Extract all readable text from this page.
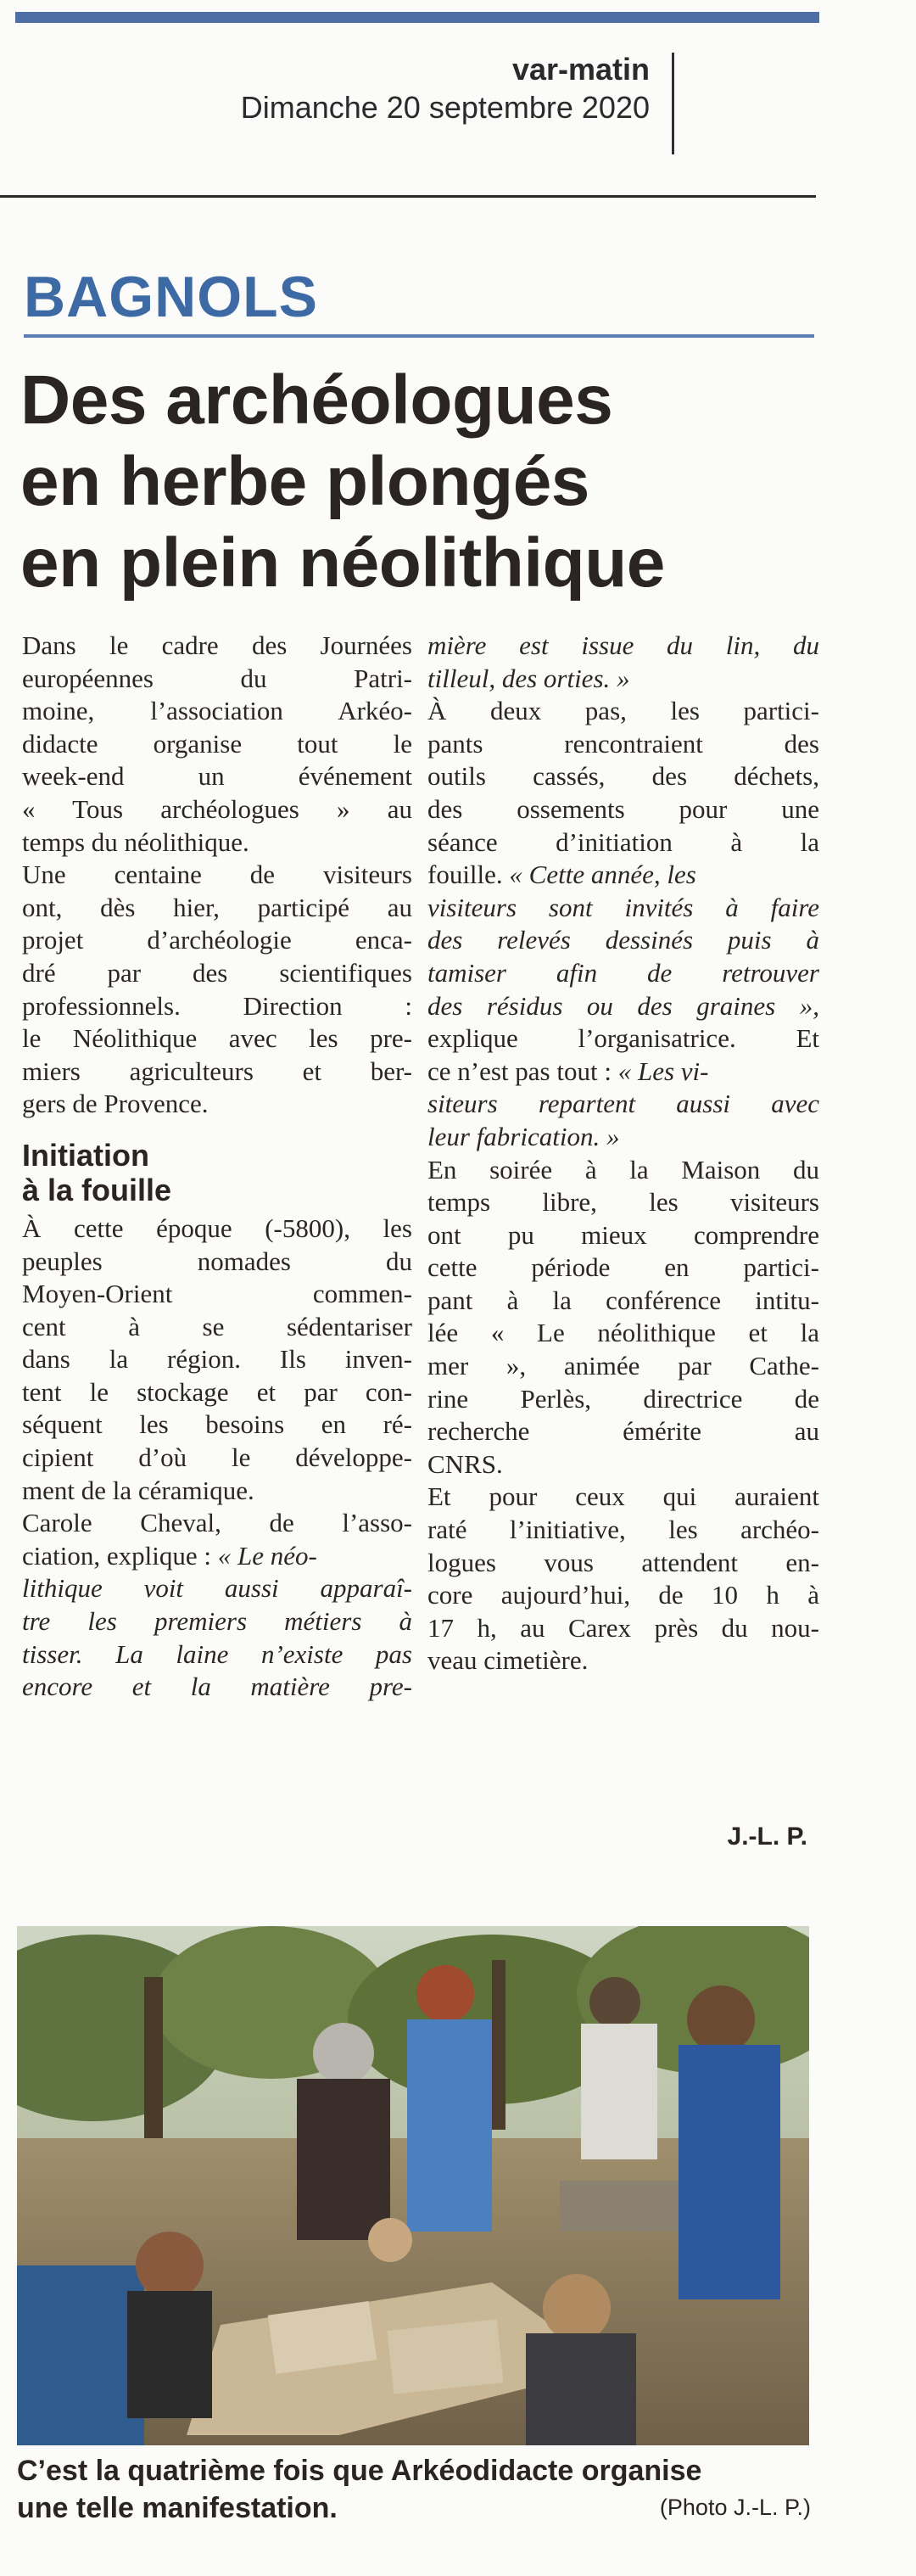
var-matin
Dimanche 20 septembre 2020
BAGNOLS
Des archéologues
en herbe plongés
en plein néolithique
Dans le cadre des Journées
européennes du Patri-
moine, l’association Arkéo-
didacte organise tout le
week-end un événement
« Tous archéologues » au
temps du néolithique.
Une centaine de visiteurs
ont, dès hier, participé au
projet d’archéologie enca-
dré par des scientifiques
professionnels. Direction :
le Néolithique avec les pre-
miers agriculteurs et ber-
gers de Provence.
Initiation
à la fouille
À cette époque (-5800), les
peuples nomades du
Moyen-Orient commen-
cent à se sédentariser
dans la région. Ils inven-
tent le stockage et par con-
séquent les besoins en ré-
cipient d’où le développe-
ment de la céramique.
Carole Cheval, de l’asso-
ciation, explique : « Le néo-
lithique voit aussi apparaî-
tre les premiers métiers à
tisser. La laine n’existe pas
encore et la matière pre-
mière est issue du lin, du
tilleul, des orties. »
À deux pas, les partici-
pants rencontraient des
outils cassés, des déchets,
des ossements pour une
séance d’initiation à la
fouille. « Cette année, les
visiteurs sont invités à faire
des relevés dessinés puis à
tamiser afin de retrouver
des résidus ou des graines »,
explique l’organisatrice. Et
ce n’est pas tout : « Les vi-
siteurs repartent aussi avec
leur fabrication. »
En soirée à la Maison du
temps libre, les visiteurs
ont pu mieux comprendre
cette période en partici-
pant à la conférence intitu-
lée « Le néolithique et la
mer », animée par Cathe-
rine Perlès, directrice de
recherche émérite au
CNRS.
Et pour ceux qui auraient
raté l’initiative, les archéo-
logues vous attendent en-
core aujourd’hui, de 10 h à
17 h, au Carex près du nou-
veau cimetière.
J.-L. P.
C’est la quatrième fois que Arkéodidacte organise
une telle manifestation.	(Photo J.-L. P.)
